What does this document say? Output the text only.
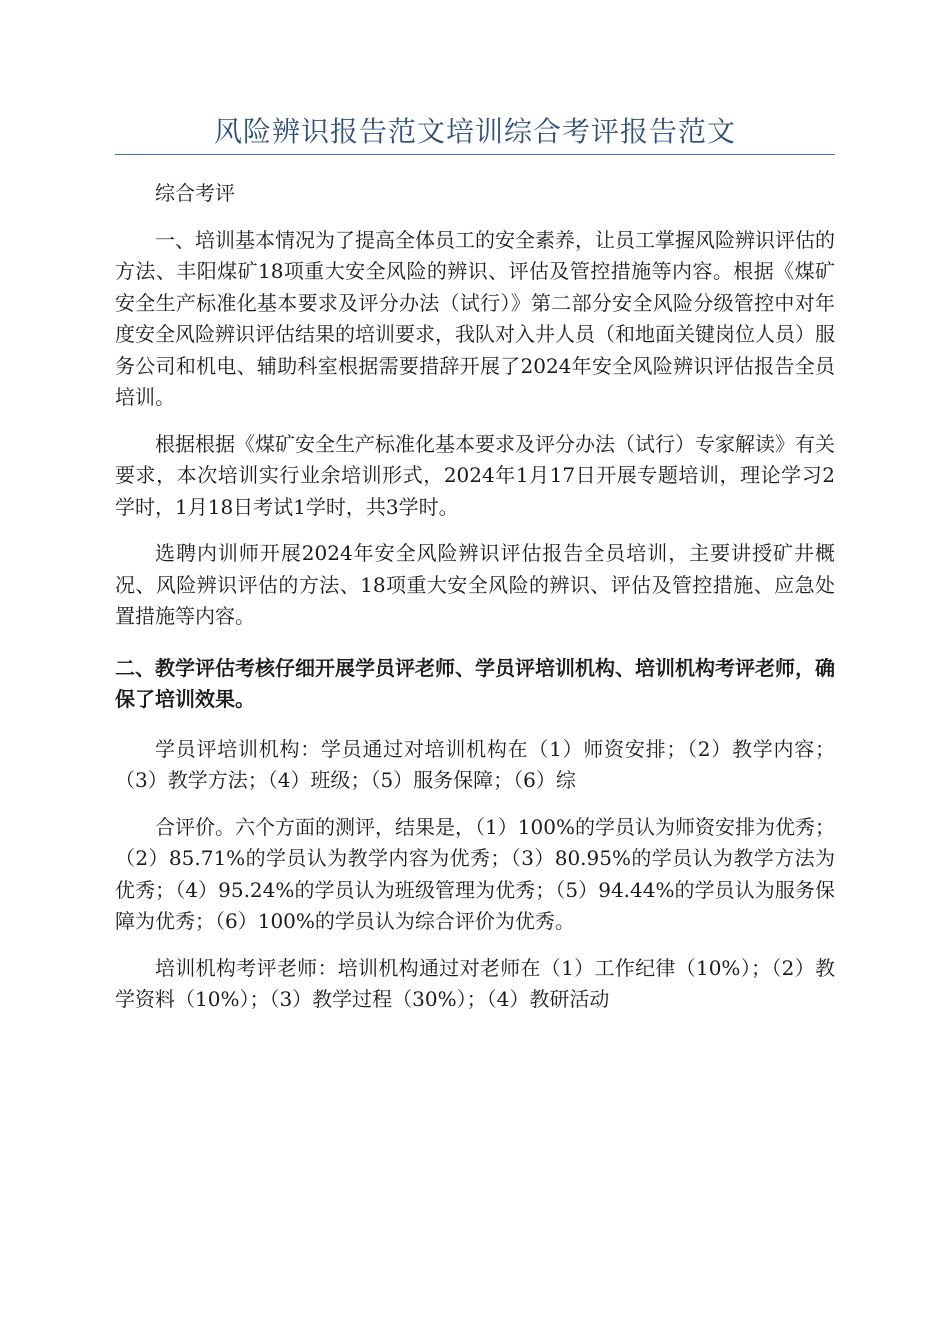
风险辨识报告范文培训综合考评报告范文

综合考评

一、培训基本情况为了提高全体员工的安全素养，让员工掌握风险辨识评估的方法、丰阳煤矿18项重大安全风险的辨识、评估及管控措施等内容。根据《煤矿安全生产标准化基本要求及评分办法（试行）》第二部分安全风险分级管控中对年度安全风险辨识评估结果的培训要求，我队对入井人员（和地面关键岗位人员）服务公司和机电、辅助科室根据需要措辞开展了2024年安全风险辨识评估报告全员培训。

根据根据《煤矿安全生产标准化基本要求及评分办法（试行）专家解读》有关要求，本次培训实行业余培训形式，2024年1月17日开展专题培训，理论学习2学时，1月18日考试1学时，共3学时。

选聘内训师开展2024年安全风险辨识评估报告全员培训，主要讲授矿井概况、风险辨识评估的方法、18项重大安全风险的辨识、评估及管控措施、应急处置措施等内容。

二、教学评估考核仔细开展学员评老师、学员评培训机构、培训机构考评老师，确保了培训效果。

学员评培训机构：学员通过对培训机构在（1）师资安排；（2）教学内容；（3）教学方法；（4）班级；（5）服务保障；（6）综

合评价。六个方面的测评，结果是，（1）100%的学员认为师资安排为优秀；（2）85.71%的学员认为教学内容为优秀；（3）80.95%的学员认为教学方法为优秀；（4）95.24%的学员认为班级管理为优秀；（5）94.44%的学员认为服务保障为优秀；（6）100%的学员认为综合评价为优秀。

培训机构考评老师：培训机构通过对老师在（1）工作纪律（10%）；（2）教学资料（10%）；（3）教学过程（30%）；（4）教研活动
